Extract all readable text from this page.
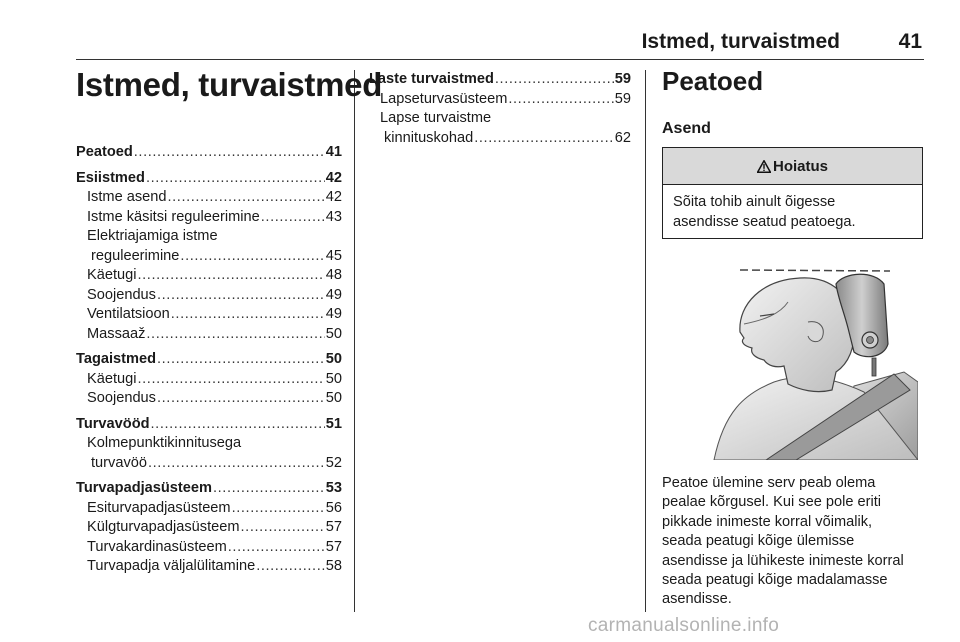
Istmed, turvaistmed	41
Istmed, turvaistmed
Peatoed .....	41
Esiistmed .....	42
Istme asend .....	42
Istme käsitsi reguleerimine .....	43
Elektriajamiga istme
reguleerimine .....	45
Käetugi .....	48
Soojendus .....	49
Ventilatsioon .....	49
Massaaž .....	50
Tagaistmed .....	50
Käetugi .....	50
Soojendus .....	50
Turvavööd .....	51
Kolmepunktikinnitusega
turvavöö .....	52
Turvapadjasüsteem .....	53
Esiturvapadjasüsteem .....	56
Külgturvapadjasüsteem .....	57
Turvakardinasüsteem .....	57
Turvapadja väljalülitamine .....	58
Laste turvaistmed .....	59
Lapseturvasüsteem .....	59
Lapse turvaistme
kinnituskohad .....	62
Peatoed
Asend
Hoiatus
Sõita tohib ainult õigesse
asendisse seatud peatoega.
Peatoe ülemine serv peab olema
pealae kõrgusel. Kui see pole eriti
pikkade inimeste korral võimalik,
seada peatugi kõige ülemisse
asendisse ja lühikeste inimeste korral
seada peatugi kõige madalamasse
asendisse.
carmanualsonline.info
